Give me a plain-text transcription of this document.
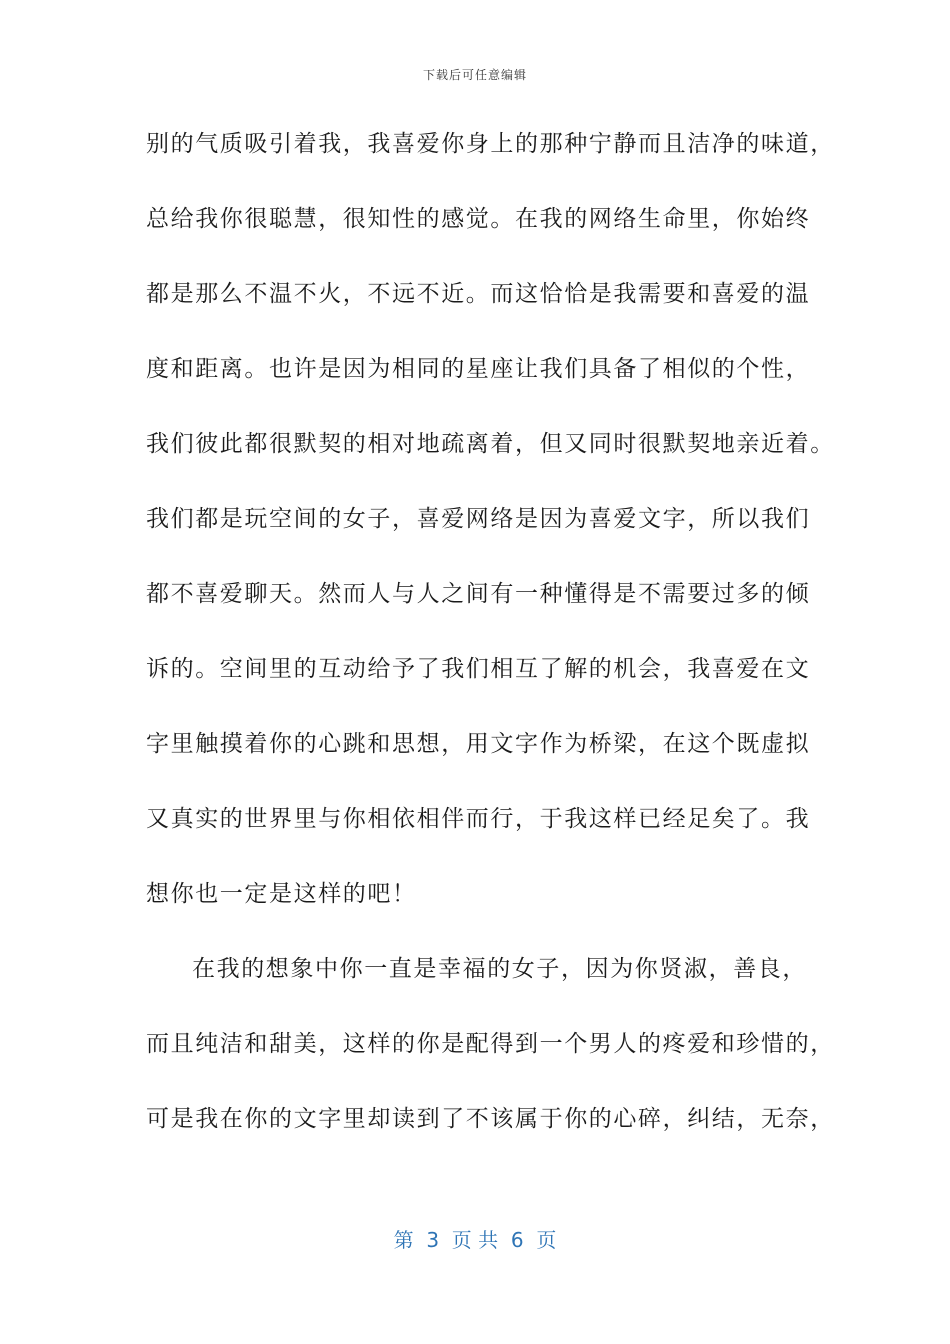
下载后可任意编辑
别的气质吸引着我，我喜爱你身上的那种宁静而且洁净的味道，
总给我你很聪慧，很知性的感觉。在我的网络生命里，你始终
都是那么不温不火，不远不近。而这恰恰是我需要和喜爱的温
度和距离。也许是因为相同的星座让我们具备了相似的个性，
我们彼此都很默契的相对地疏离着，但又同时很默契地亲近着。
我们都是玩空间的女子，喜爱网络是因为喜爱文字，所以我们
都不喜爱聊天。然而人与人之间有一种懂得是不需要过多的倾
诉的。空间里的互动给予了我们相互了解的机会，我喜爱在文
字里触摸着你的心跳和思想，用文字作为桥梁，在这个既虚拟
又真实的世界里与你相依相伴而行，于我这样已经足矣了。我
想你也一定是这样的吧！
在我的想象中你一直是幸福的女子，因为你贤淑，善良，
而且纯洁和甜美，这样的你是配得到一个男人的疼爱和珍惜的，
可是我在你的文字里却读到了不该属于你的心碎，纠结，无奈，
第  3  页 共  6  页
